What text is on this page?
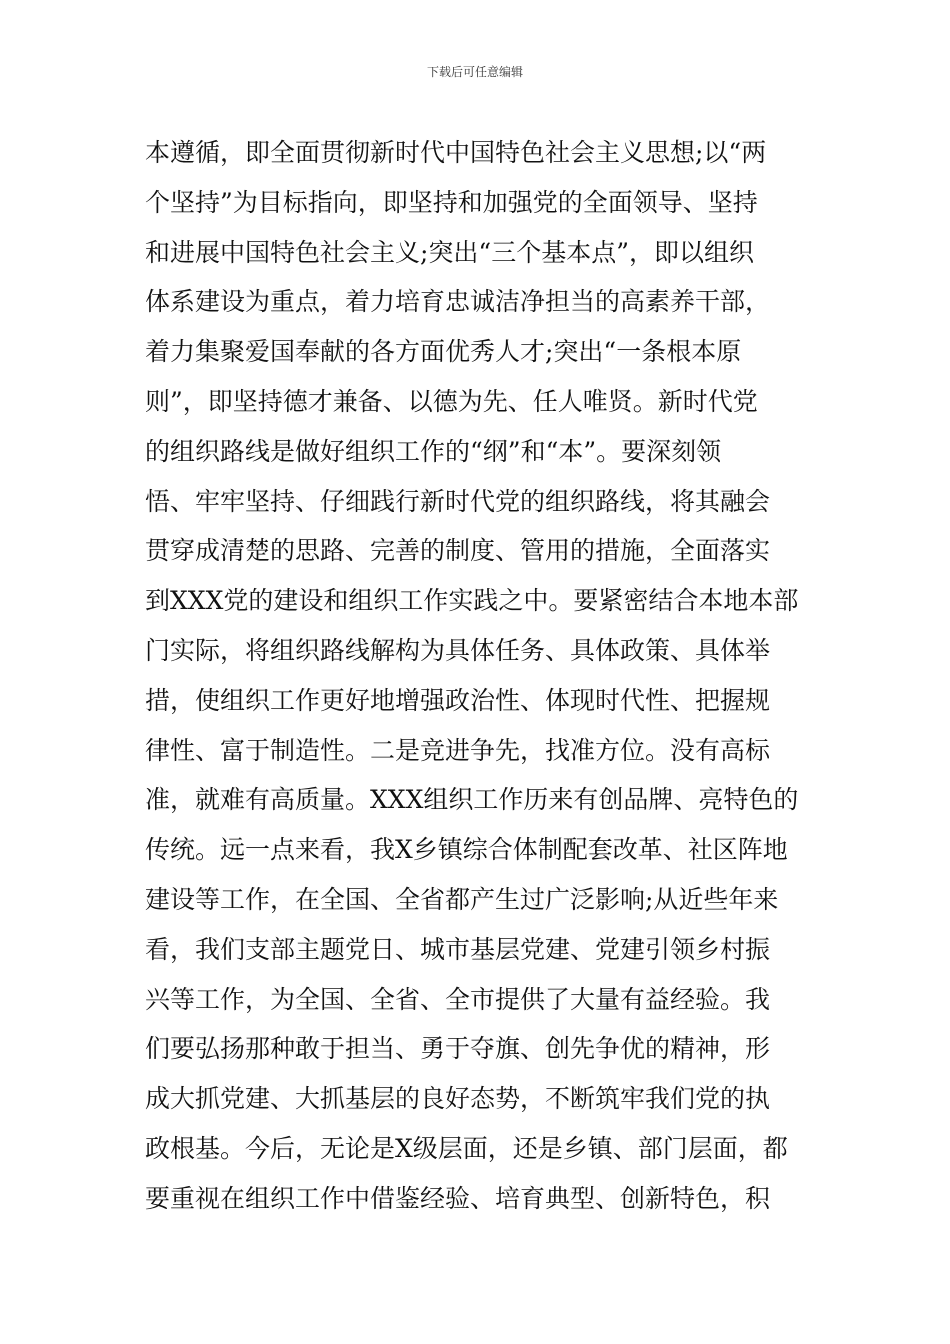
下载后可任意编辑
本遵循，即全面贯彻新时代中国特色社会主义思想;以“两
个坚持”为目标指向，即坚持和加强党的全面领导、坚持
和进展中国特色社会主义;突出“三个基本点”，即以组织
体系建设为重点，着力培育忠诚洁净担当的高素养干部，
着力集聚爱国奉献的各方面优秀人才;突出“一条根本原
则”，即坚持德才兼备、以德为先、任人唯贤。新时代党
的组织路线是做好组织工作的“纲”和“本”。要深刻领
悟、牢牢坚持、仔细践行新时代党的组织路线，将其融会
贯穿成清楚的思路、完善的制度、管用的措施，全面落实
到XXX党的建设和组织工作实践之中。要紧密结合本地本部
门实际，将组织路线解构为具体任务、具体政策、具体举
措，使组织工作更好地增强政治性、体现时代性、把握规
律性、富于制造性。二是竞进争先，找准方位。没有高标
准，就难有高质量。XXX组织工作历来有创品牌、亮特色的
传统。远一点来看，我X乡镇综合体制配套改革、社区阵地
建设等工作，在全国、全省都产生过广泛影响;从近些年来
看，我们支部主题党日、城市基层党建、党建引领乡村振
兴等工作，为全国、全省、全市提供了大量有益经验。我
们要弘扬那种敢于担当、勇于夺旗、创先争优的精神，形
成大抓党建、大抓基层的良好态势，不断筑牢我们党的执
政根基。今后，无论是X级层面，还是乡镇、部门层面，都
要重视在组织工作中借鉴经验、培育典型、创新特色，积
